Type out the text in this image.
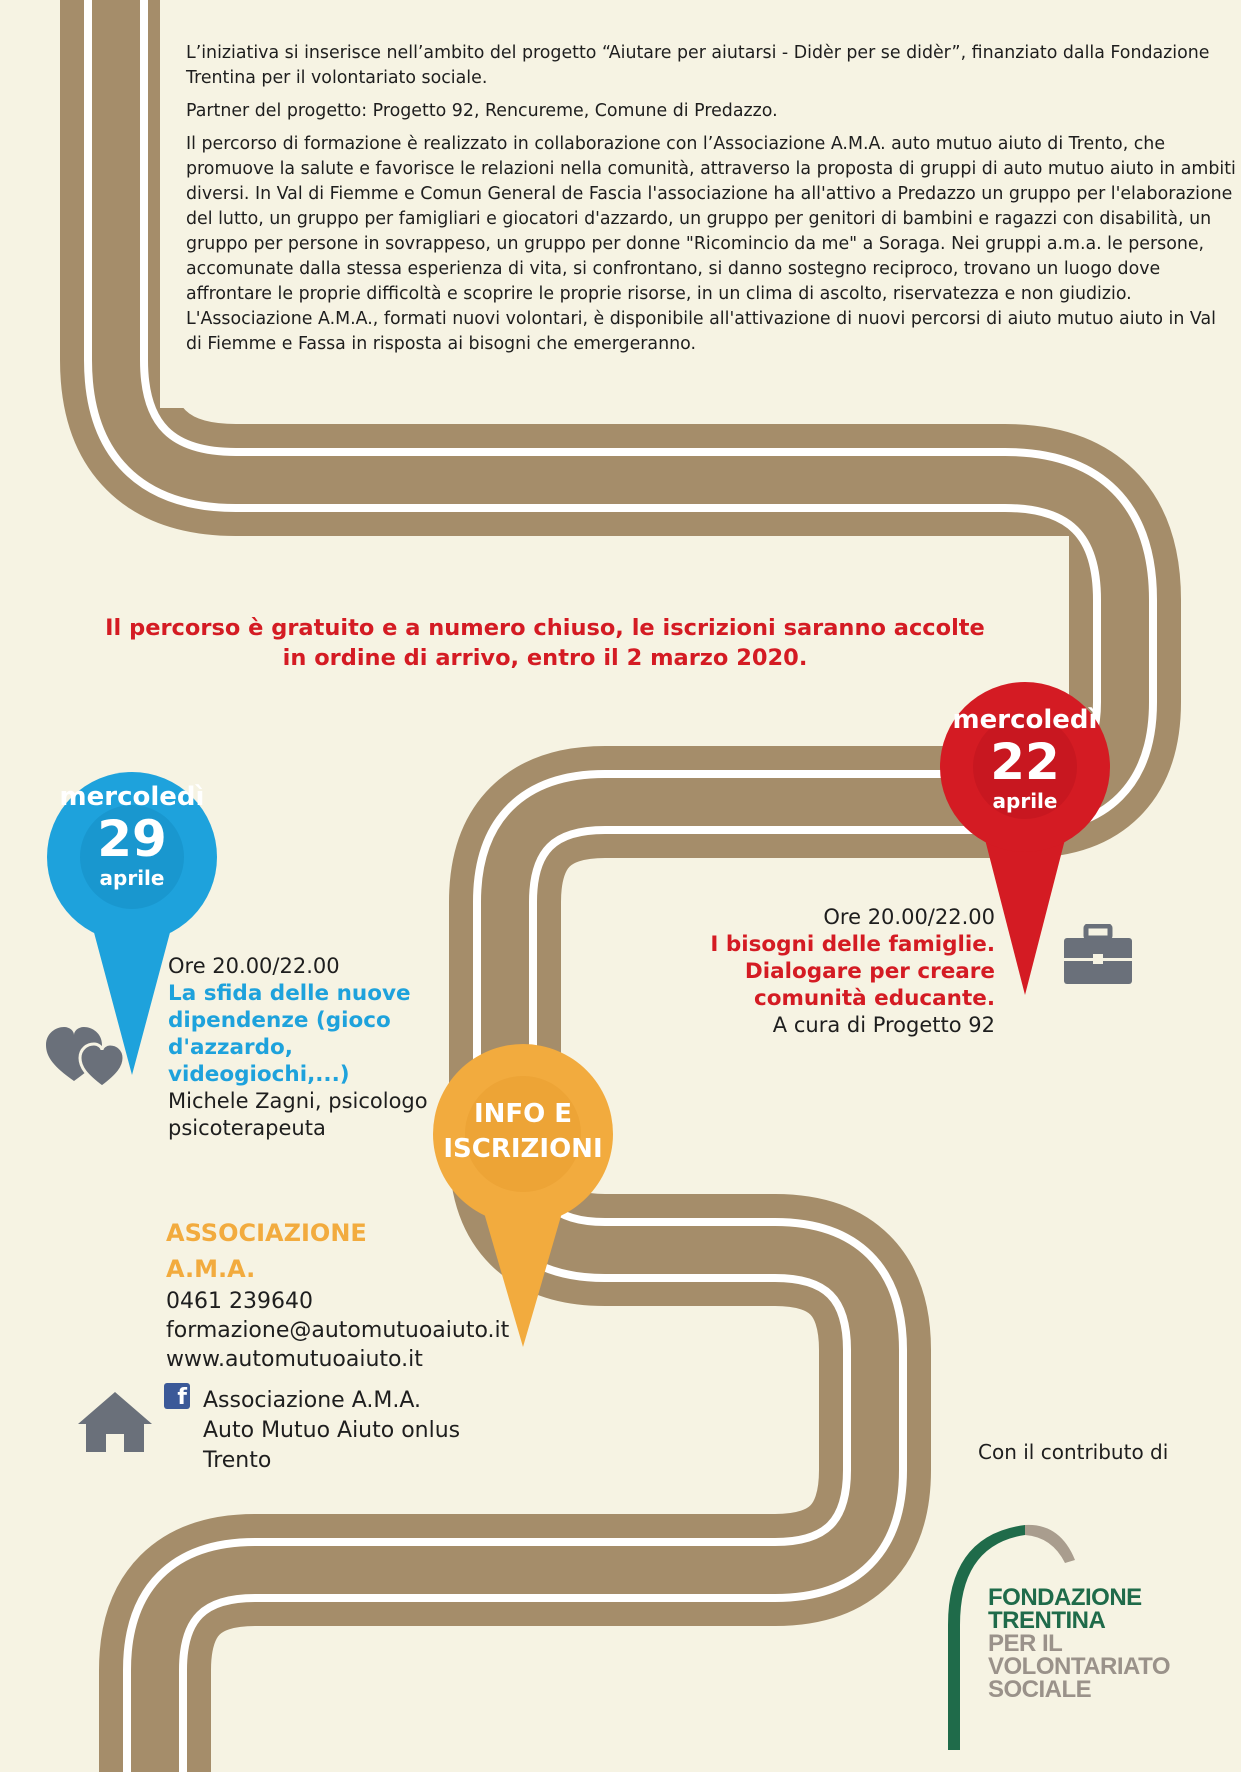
L’iniziativa si inserisce nell’ambito del progetto “Aiutare per aiutarsi - Didèr per se didèr”, finanziato dalla Fondazione Trentina per il volontariato sociale.

Partner del progetto: Progetto 92, Rencureme, Comune di Predazzo.

Il percorso di formazione è realizzato in collaborazione con l’Associazione A.M.A. auto mutuo aiuto di Trento, che promuove la salute e favorisce le relazioni nella comunità, attraverso la proposta di gruppi di auto mutuo aiuto in ambiti diversi. In Val di Fiemme e Comun General de Fascia l'associazione ha all'attivo a Predazzo un gruppo per l'elaborazione del lutto, un gruppo per famigliari e giocatori d'azzardo, un gruppo per genitori di bambini e ragazzi con disabilità, un gruppo per persone in sovrappeso, un gruppo per donne "Ricomincio da me" a Soraga. Nei gruppi a.m.a. le persone, accomunate dalla stessa esperienza di vita, si confrontano, si danno sostegno reciproco, trovano un luogo dove affrontare le proprie difficoltà e scoprire le proprie risorse, in un clima di ascolto, riservatezza e non giudizio. L'Associazione A.M.A., formati nuovi volontari, è disponibile all'attivazione di nuovi percorsi di aiuto mutuo aiuto in Val di Fiemme e Fassa in risposta ai bisogni che emergeranno.

Il percorso è gratuito e a numero chiuso, le iscrizioni saranno accolte
in ordine di arrivo, entro il 2 marzo 2020.
mercoledì
22
aprile
mercoledì
29
aprile
INFO E
ISCRIZIONI
Ore 20.00/22.00
I bisogni delle famiglie.
Dialogare per creare
comunità educante.
A cura di Progetto 92
Ore 20.00/22.00
La sfida delle nuove
dipendenze (gioco
d'azzardo,
videogiochi,...)
Michele Zagni, psicologo
psicoterapeuta
ASSOCIAZIONE
A.M.A.
0461 239640
formazione@automutuoaiuto.it
www.automutuoaiuto.it
f Associazione A.M.A.
Auto Mutuo Aiuto onlus
Trento	Con il contributo di
FONDAZIONE
TRENTINA
PER IL VOLONTARIATO
SOCIALE
